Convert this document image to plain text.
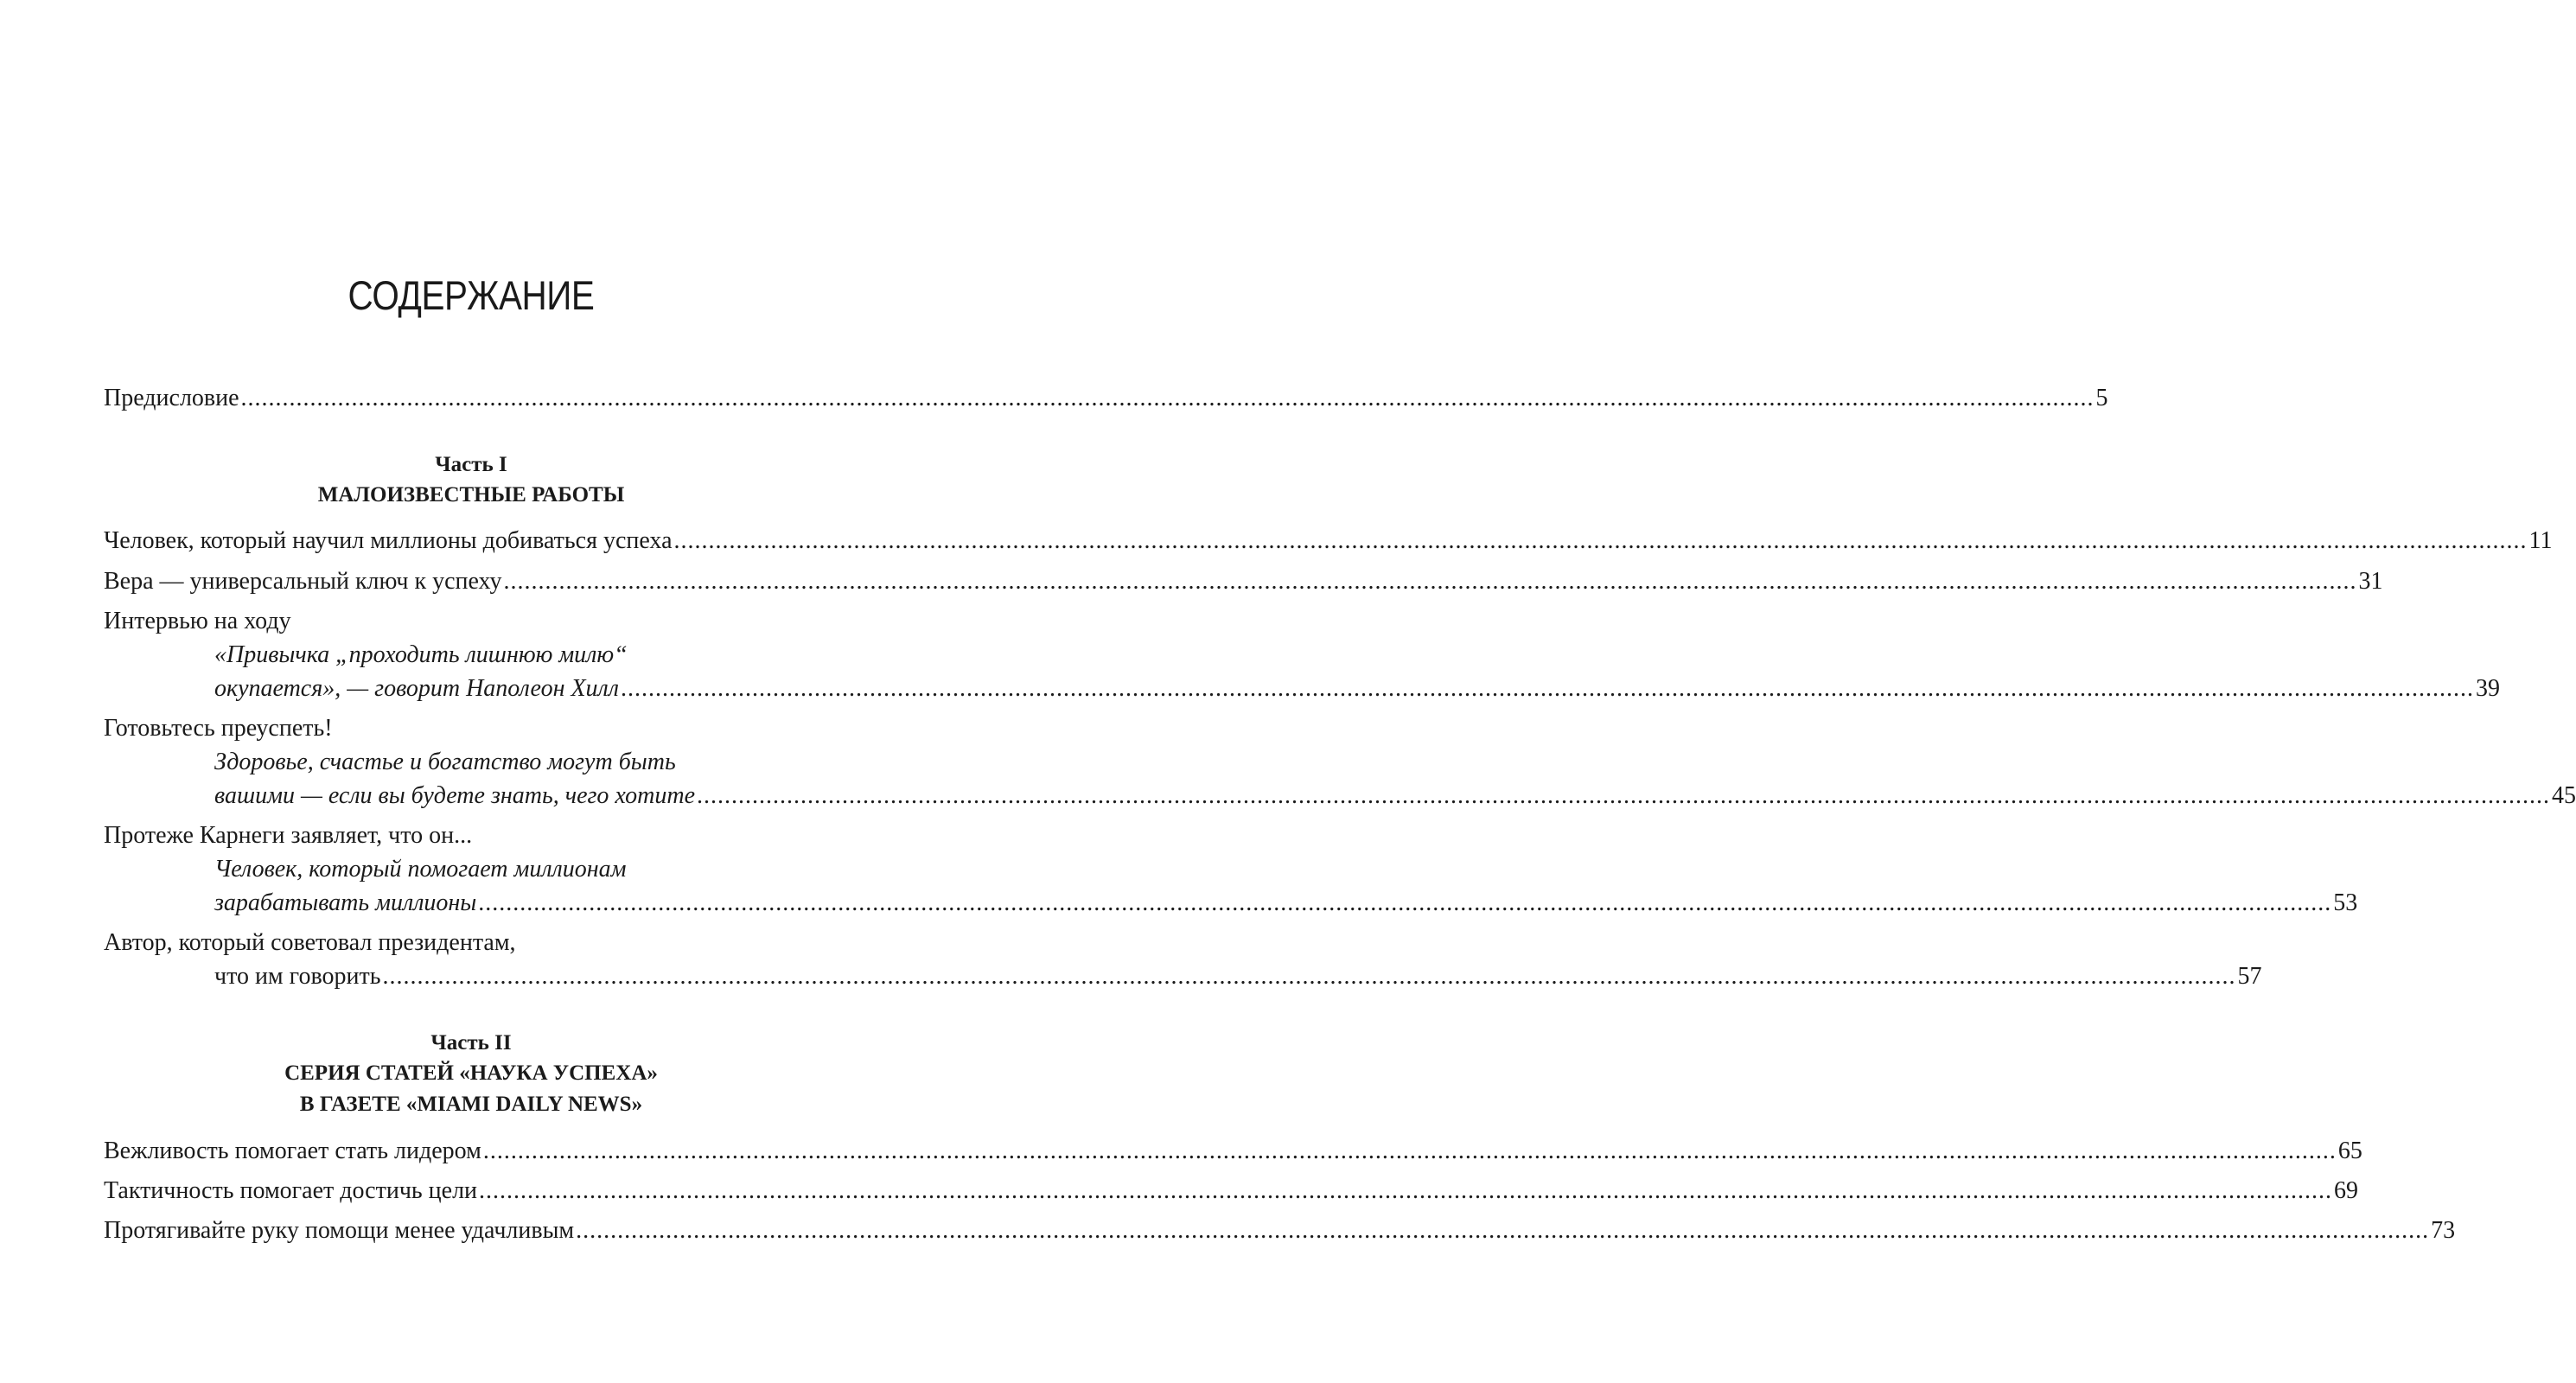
СОДЕРЖАНИЕ
Предисловие .....	5
Часть I
МАЛОИЗВЕСТНЫЕ РАБОТЫ
Человек, который научил миллионы добиваться успеха .....	11
Вера — универсальный ключ к успеху .....	31
Интервью на ходу
«Привычка „проходить лишнюю милю“
окупается», — говорит Наполеон Хилл .....	39
Готовьтесь преуспеть!
Здоровье, счастье и богатство могут быть
вашими — если вы будете знать, чего хотите .....	45
Протеже Карнеги заявляет, что он...
Человек, который помогает миллионам
зарабатывать миллионы .....	53
Автор, который советовал президентам,
что им говорить .....	57
Часть II
СЕРИЯ СТАТЕЙ «НАУКА УСПЕХА»
В ГАЗЕТЕ «MIAMI DAILY NEWS»
Вежливость помогает стать лидером .....	65
Тактичность помогает достичь цели .....	69
Протягивайте руку помощи менее удачливым .....	73
